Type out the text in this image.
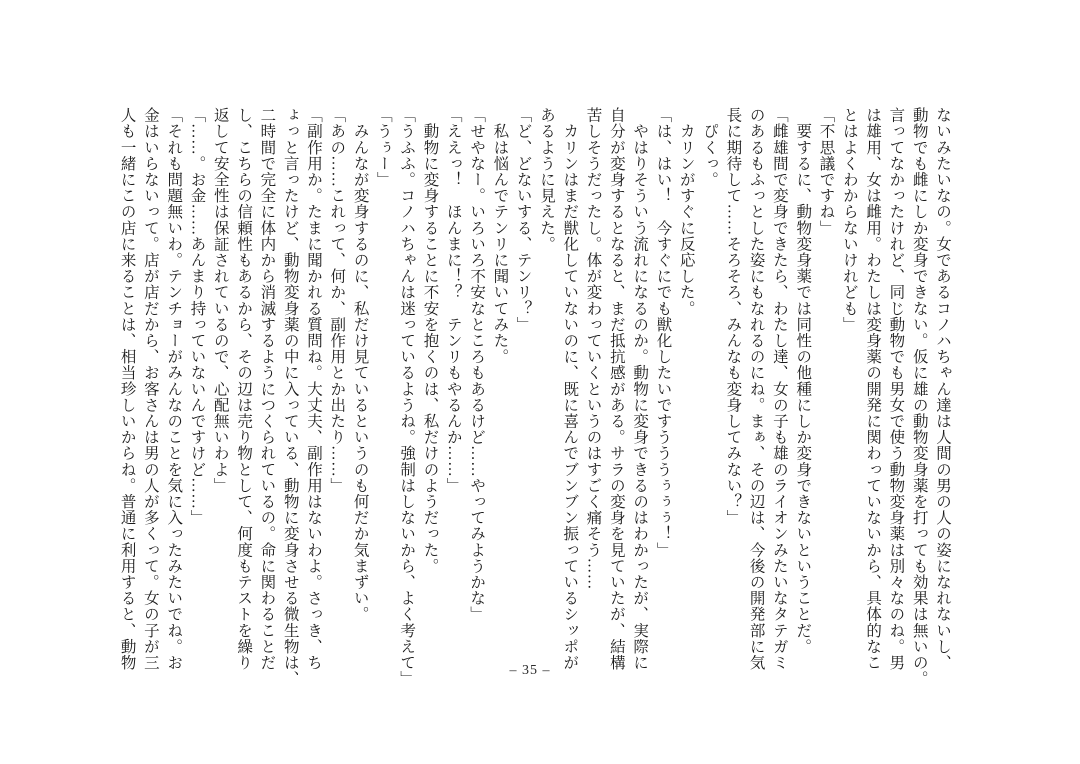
ないみたいなの。女であるコノハちゃん達は人間の男の人の姿になれないし、
動物でも雌にしか変身できない。仮に雄の動物変身薬を打っても効果は無いの。
言ってなかったけれど、同じ動物でも男女で使う動物変身薬は別々なのね。男
は雄用、女は雌用。わたしは変身薬の開発に関わっていないから、具体的なこ
とはよくわからないけれども」
「不思議ですね」
　要するに、動物変身薬では同性の他種にしか変身できないということだ。
「雌雄間で変身できたら、わたし達、女の子も雄のライオンみたいなタテガミ
のあるもふっとした姿にもなれるのにね。まぁ、その辺は、今後の開発部に気
長に期待して……そろそろ、みんなも変身してみない？」
　ぴくっ。
　カリンがすぐに反応した。
「は、はい！　今すぐにでも獣化したいですうううぅぅぅ！」
　やはりそういう流れになるのか。動物に変身できるのはわかったが、実際に
自分が変身するとなると、まだ抵抗感がある。サラの変身を見ていたが、結構
苦しそうだったし。体が変わっていくというのはすごく痛そう……
　カリンはまだ獣化していないのに、既に喜んでブンブン振っているシッポが
あるように見えた。
「ど、どないする、テンリ？」
　私は悩んでテンリに聞いてみた。
「せやなー。いろいろ不安なところもあるけど……やってみようかな」
「ええっ！　ほんまに！？　テンリもやるんか……」
　動物に変身することに不安を抱くのは、私だけのようだった。
「うふふ。コノハちゃんは迷っているようね。強制はしないから、よく考えて」
「うぅー」
　みんなが変身するのに、私だけ見ているというのも何だか気まずい。
「あの……これって、何か、副作用とか出たり……」
「副作用か。たまに聞かれる質問ね。大丈夫、副作用はないわよ。さっき、ち
ょっと言ったけど、動物変身薬の中に入っている、動物に変身させる微生物は、
二時間で完全に体内から消滅するようにつくられているの。命に関わることだ
し、こちらの信頼性もあるから、その辺は売り物として、何度もテストを繰り
返して安全性は保証されているので、心配無いわよ」
「……。お金……あんまり持っていないんですけど……」
「それも問題無いわ。テンチョーがみんなのことを気に入ったみたいでね。お
金はいらないって。店が店だから、お客さんは男の人が多くって。女の子が三
人も一緒にこの店に来ることは、相当珍しいからね。普通に利用すると、動物	– 35 –
